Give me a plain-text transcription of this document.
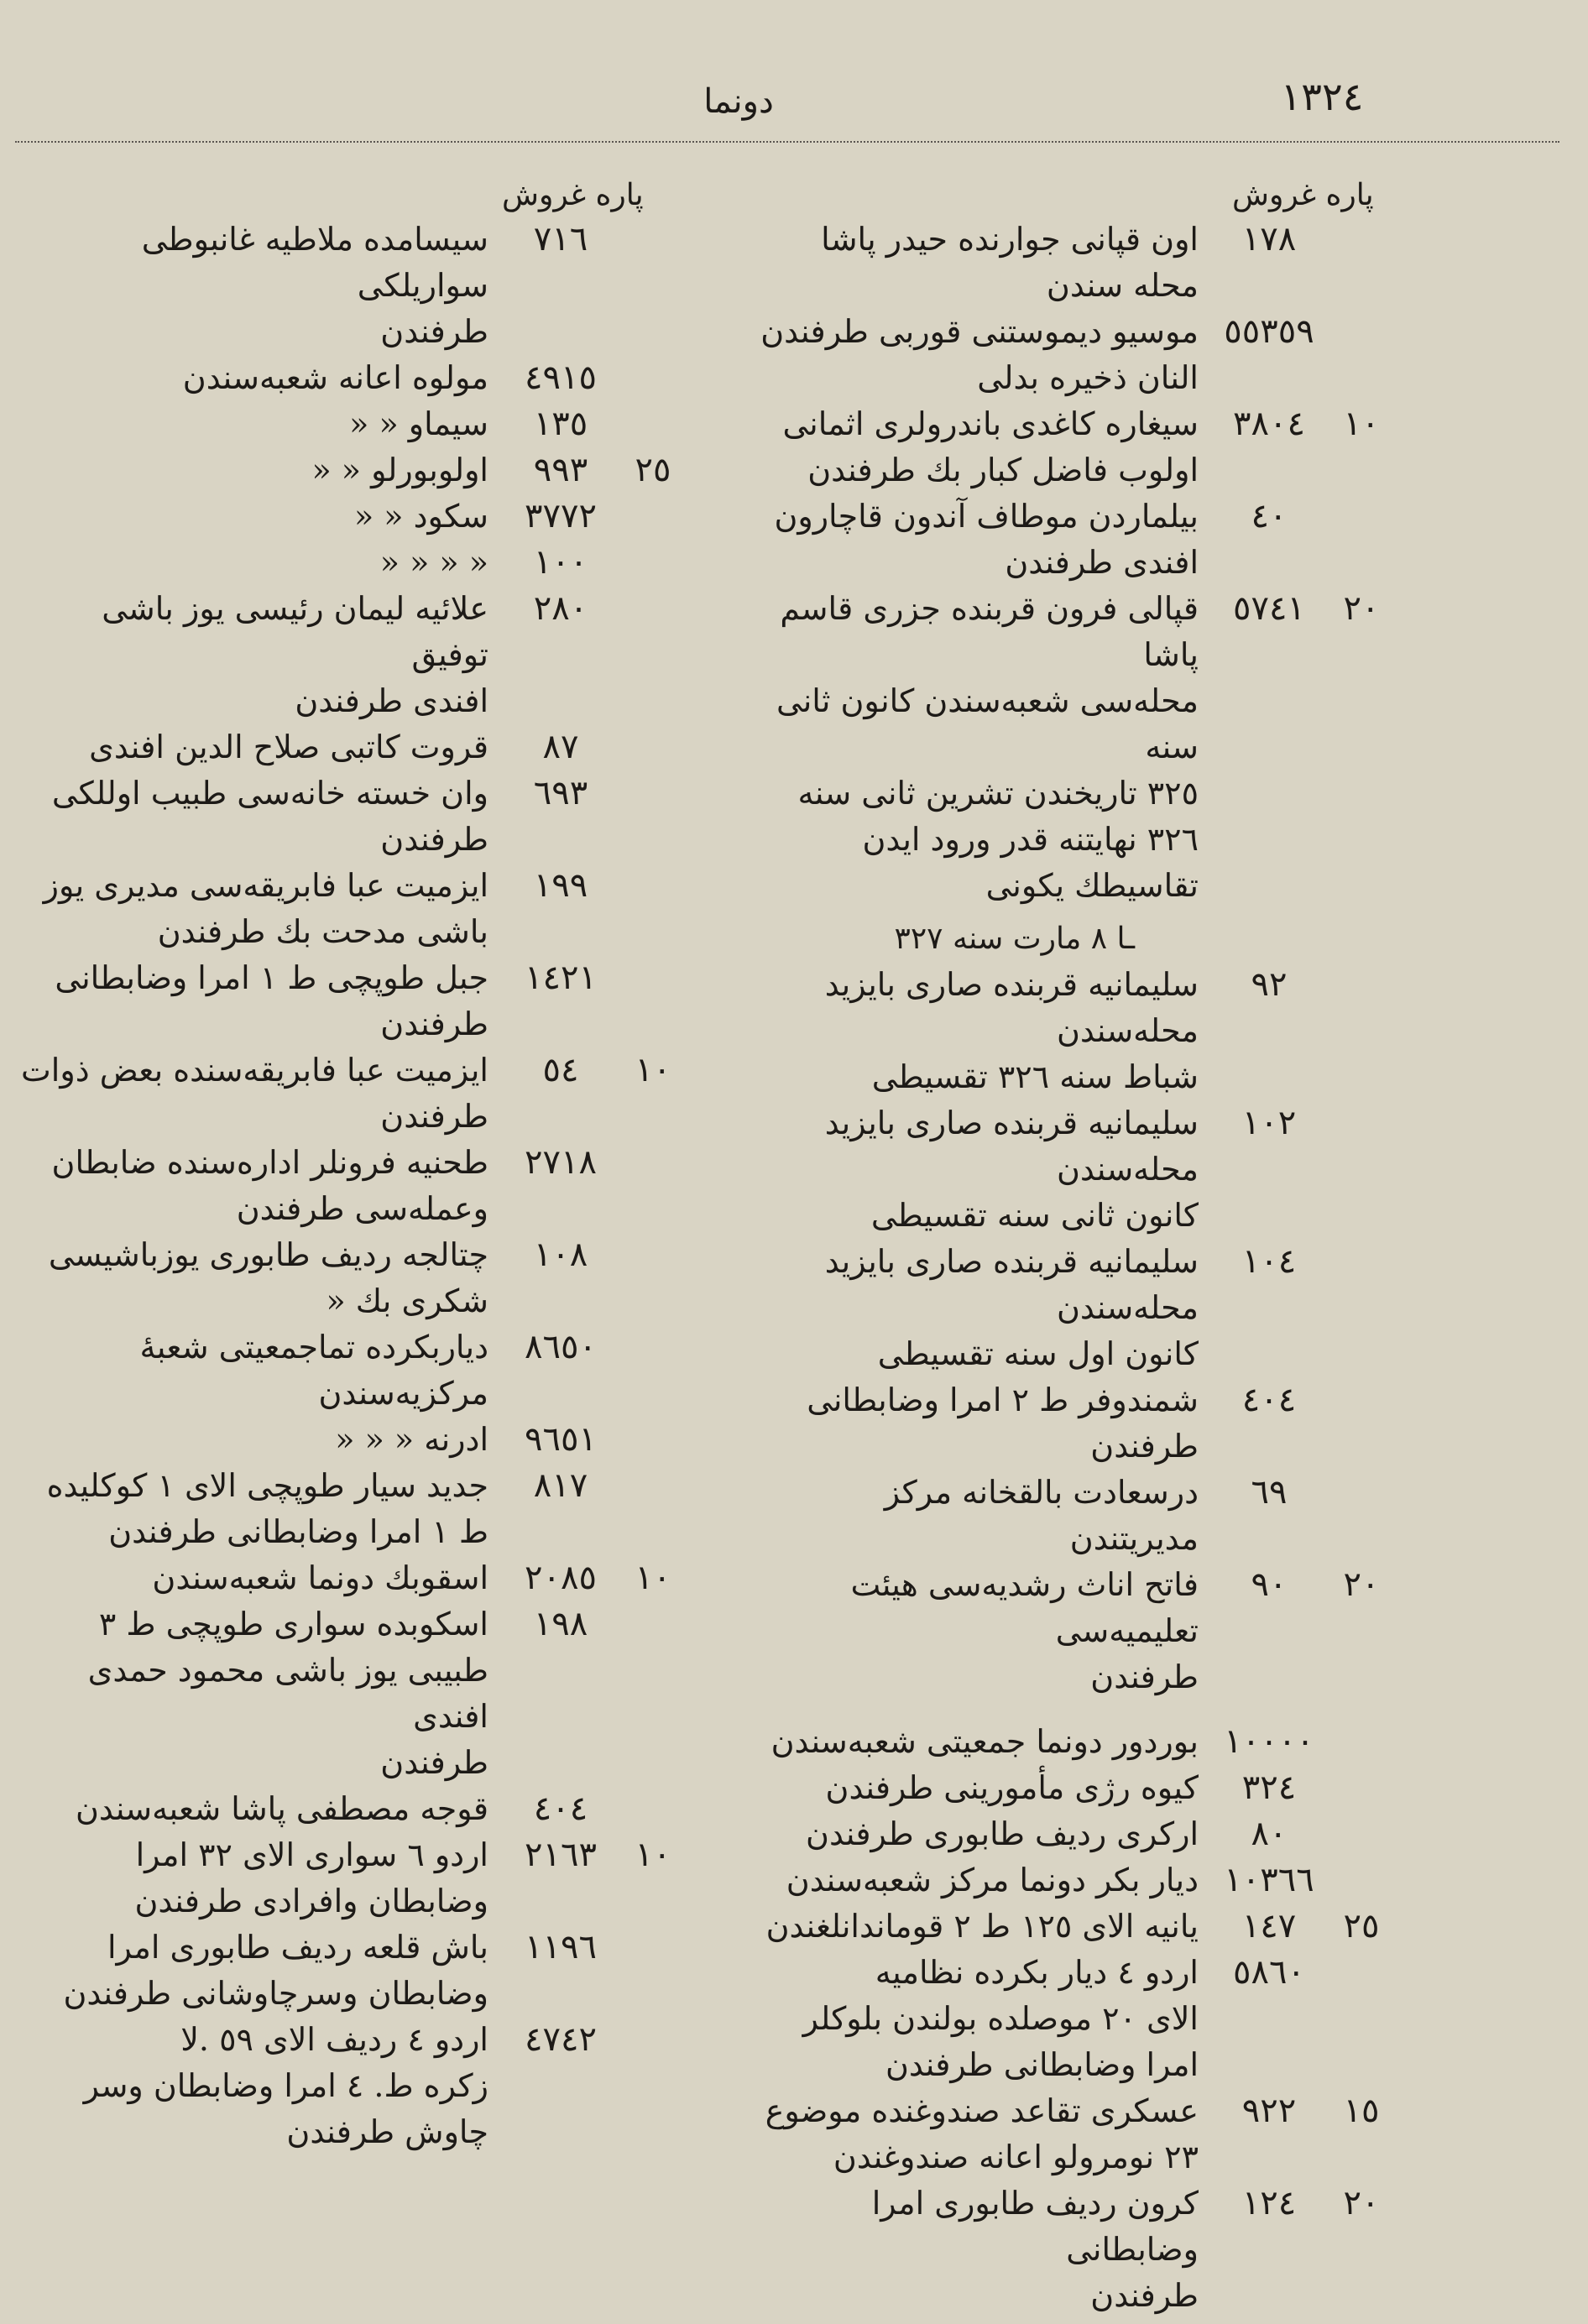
دونما	١٣٢٤
پاره غروش
پاره غروش
١٧٨
اون قپانی جوارنده حیدر پاشا
محله سندن
٥٥٣٥٩
موسیو دیموستنی قوربی طرفندن
النان ذخیره بدلی
٣٨٠٤	١٠
سیغاره کاغدی باندرولری اثمانی
اولوب فاضل کبار بك طرفندن
٤٠
بیلماردن موطاف آندون قاچارون
افندی طرفندن
٥٧٤١	٢٠
قپالی فرون قربنده جزری قاسم پاشا
محله‌سی شعبه‌سندن کانون ثانی سنه
٣٢٥ تاریخندن تشرین ثانی سنه
٣٢٦ نهایتنه قدر ورود ایدن
تقاسیطك یکونی
ـا ٨ مارت سنه ٣٢٧
٩٢
سلیمانیه قربنده صاری بایزید محله‌سندن
شباط سنه ٣٢٦ تقسیطی
١٠٢
سلیمانیه قربنده صاری بایزید محله‌سندن
کانون ثانی سنه تقسیطی
١٠٤
سلیمانیه قربنده صاری بایزید محله‌سندن
کانون اول سنه تقسیطی
٤٠٤
شمندوفر ط ٢ امرا وضابطانی
طرفندن
٦٩
درسعادت بالقخانه مرکز مدیریتندن
٩٠	٢٠
فاتح اناث رشدیه‌سی هیئت تعلیمیه‌سی
طرفندن
١٠٠٠٠
بوردور دونما جمعیتی شعبه‌سندن
٣٢٤
کیوه رژی مأمورینی طرفندن
٨٠
ارکری ردیف طابوری طرفندن
١٠٣٦٦
دیار بکر دونما مرکز شعبه‌سندن
١٤٧	٢٥
یانیه الای ١٢٥ ط ٢ قوماندانلغندن
٥٨٦٠
اردو ٤ دیار بکرده نظامیه
الای ٢٠ موصلده بولندن بلوکلر
امرا وضابطانی طرفندن
٩٢٢	١٥
عسکری تقاعد صندوغنده موضوع
٢٣ نومرولو اعانه صندوغندن
١٢٤	٢٠
کرون ردیف طابوری امرا وضابطانی
طرفندن
٧١٦
سیسامده ملاطیه غانبوطی سواریلکی
طرفندن
٤٩١٥
مولوه اعانه شعبه‌سندن
١٣٥
سیماو « «
٩٩٣	٢٥
اولوبورلو « «
٣٧٧٢
سکود « «
١٠٠
« « « «
٢٨٠
علائیه لیمان رئیسی یوز باشی توفیق
افندی طرفندن
٨٧
قروت کاتبی صلاح الدین افندی
٦٩٣
وان خسته خانه‌سی طبیب اوللکی
طرفندن
١٩٩
ایزمیت عبا فابریقه‌سی مدیری یوز
باشی مدحت بك طرفندن
١٤٢١
جبل طوپچی ط ١ امرا وضابطانی
طرفندن
٥٤	١٠
ایزمیت عبا فابریقه‌سنده بعض ذوات
طرفندن
٢٧١٨
طحنیه فرونلر اداره‌سنده ضابطان
وعمله‌سی طرفندن
١٠٨
چتالجه ردیف طابوری یوزباشیسی
شکری بك «
٨٦٥٠
دیاربکرده تماجمعیتی شعبهٔ مرکزیه‌سندن
٩٦٥١
ادرنه « « «
٨١٧
جدید سیار طوپچی الای ١ کوکلیده
ط ١ امرا وضابطانی طرفندن
٢٠٨٥	١٠
اسقوبك دونما شعبه‌سندن
١٩٨
اسکوبده سواری طوپچی ط ٣
طبیبی یوز باشی محمود حمدی افندی
طرفندن
٤٠٤
قوجه مصطفی پاشا شعبه‌سندن
٢١٦٣	١٠
اردو ٦ سواری الای ٣٢ امرا
وضابطان وافرادی طرفندن
١١٩٦
باش قلعه ردیف طابوری امرا
وضابطان وسرچاوشانی طرفندن
٤٧٤٢
اردو ٤ ردیف الای ٥٩ .لا
زکره ط. ٤ امرا وضابطان وسر
چاوش طرفندن
